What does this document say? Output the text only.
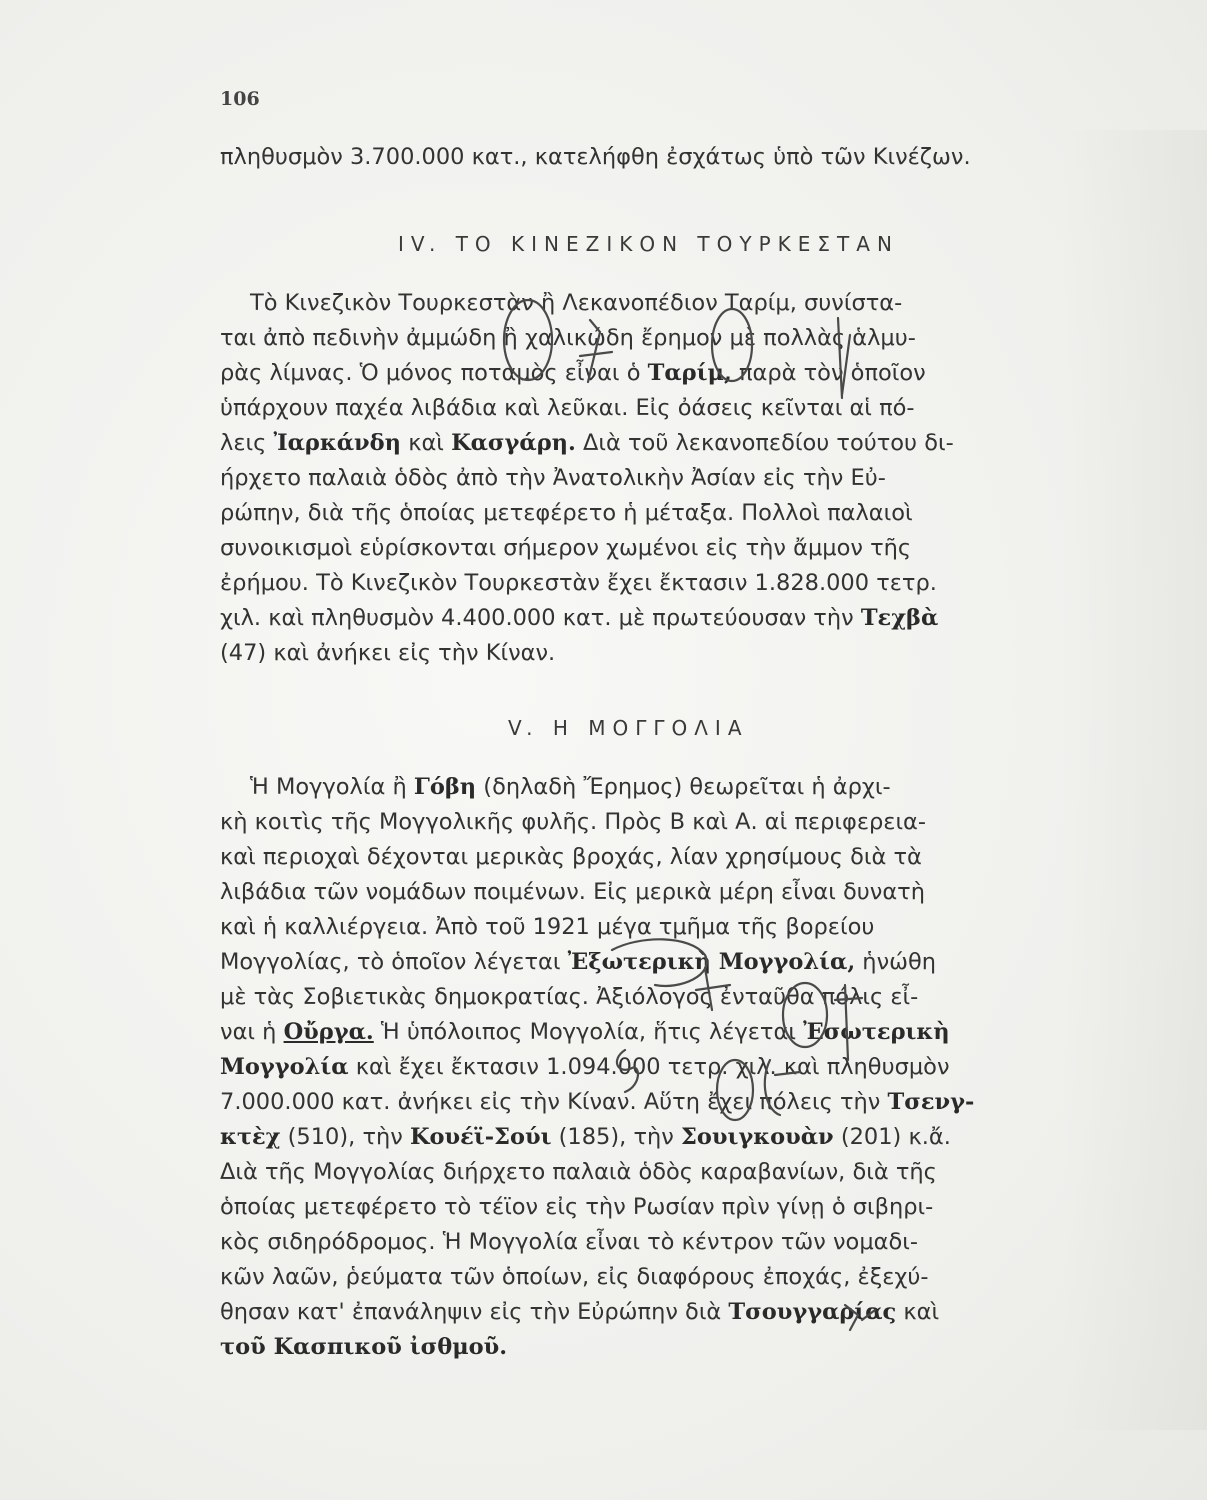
106
πληθυσμὸν 3.700.000 κατ., κατελήφθη ἐσχάτως ὑπὸ τῶν Κινέζων.
IV. ΤΟ ΚΙΝΕΖΙΚΟΝ ΤΟΥΡΚΕΣΤΑΝ
Τὸ Κινεζικὸν Τουρκεστὰν ἢ Λεκανοπέδιον Ταρίμ, συνίστα-
ται ἀπὸ πεδινὴν ἀμμώδη ἢ χαλικώδη ἔρημον μὲ πολλὰς ἁλμυ-
ρὰς λίμνας. Ὁ μόνος ποταμὸς εἶναι ὁ Ταρίμ, παρὰ τὸν ὁποῖον
ὑπάρχουν παχέα λιβάδια καὶ λεῦκαι. Εἰς ὀάσεις κεῖνται αἱ πό-
λεις Ἰαρκάνδη καὶ Κασγάρη. Διὰ τοῦ λεκανοπεδίου τούτου δι-
ήρχετο παλαιὰ ὁδὸς ἀπὸ τὴν Ἀνατολικὴν Ἀσίαν εἰς τὴν Εὐ-
ρώπην, διὰ τῆς ὁποίας μετεφέρετο ἡ μέταξα. Πολλοὶ παλαιοὶ
συνοικισμοὶ εὑρίσκονται σήμερον χωμένοι εἰς τὴν ἄμμον τῆς
ἐρήμου. Τὸ Κινεζικὸν Τουρκεστὰν ἔχει ἔκτασιν 1.828.000 τετρ.
χιλ. καὶ πληθυσμὸν 4.400.000 κατ. μὲ πρωτεύουσαν τὴν Τεχβὰ
(47) καὶ ἀνήκει εἰς τὴν Κίναν.
V. Η ΜΟΓΓΟΛΙΑ
Ἡ Μογγολία ἢ Γόβη (δηλαδὴ Ἔρημος) θεωρεῖται ἡ ἀρχι-
κὴ κοιτὶς τῆς Μογγολικῆς φυλῆς. Πρὸς Β καὶ Α. αἱ περιφερεια-
καὶ περιοχαὶ δέχονται μερικὰς βροχάς, λίαν χρησίμους διὰ τὰ
λιβάδια τῶν νομάδων ποιμένων. Εἰς μερικὰ μέρη εἶναι δυνατὴ
καὶ ἡ καλλιέργεια. Ἀπὸ τοῦ 1921 μέγα τμῆμα τῆς βορείου
Μογγολίας, τὸ ὁποῖον λέγεται Ἐξωτερικὴ Μογγολία, ἡνώθη
μὲ τὰς Σοβιετικὰς δημοκρατίας. Ἀξιόλογος ἐνταῦθα πόλις εἶ-
ναι ἡ Οὔργα. Ἡ ὑπόλοιπος Μογγολία, ἥτις λέγεται Ἐσωτερικὴ
Μογγολία καὶ ἔχει ἔκτασιν 1.094.000 τετρ. χιλ. καὶ πληθυσμὸν
7.000.000 κατ. ἀνήκει εἰς τὴν Κίναν. Αὕτη ἔχει πόλεις τὴν Τσενγ-
κτὲχ (510), τὴν Κουέϊ-Σούι (185), τὴν Σουιγκουὰν (201) κ.ἄ.
Διὰ τῆς Μογγολίας διήρχετο παλαιὰ ὁδὸς καραβανίων, διὰ τῆς
ὁποίας μετεφέρετο τὸ τέϊον εἰς τὴν Ρωσίαν πρὶν γίνῃ ὁ σιβηρι-
κὸς σιδηρόδρομος. Ἡ Μογγολία εἶναι τὸ κέντρον τῶν νομαδι-
κῶν λαῶν, ῥεύματα τῶν ὁποίων, εἰς διαφόρους ἐποχάς, ἐξεχύ-
θησαν κατ' ἐπανάληψιν εἰς τὴν Εὐρώπην διὰ Τσουγγαρίας καὶ
τοῦ Κασπικοῦ ἰσθμοῦ.
